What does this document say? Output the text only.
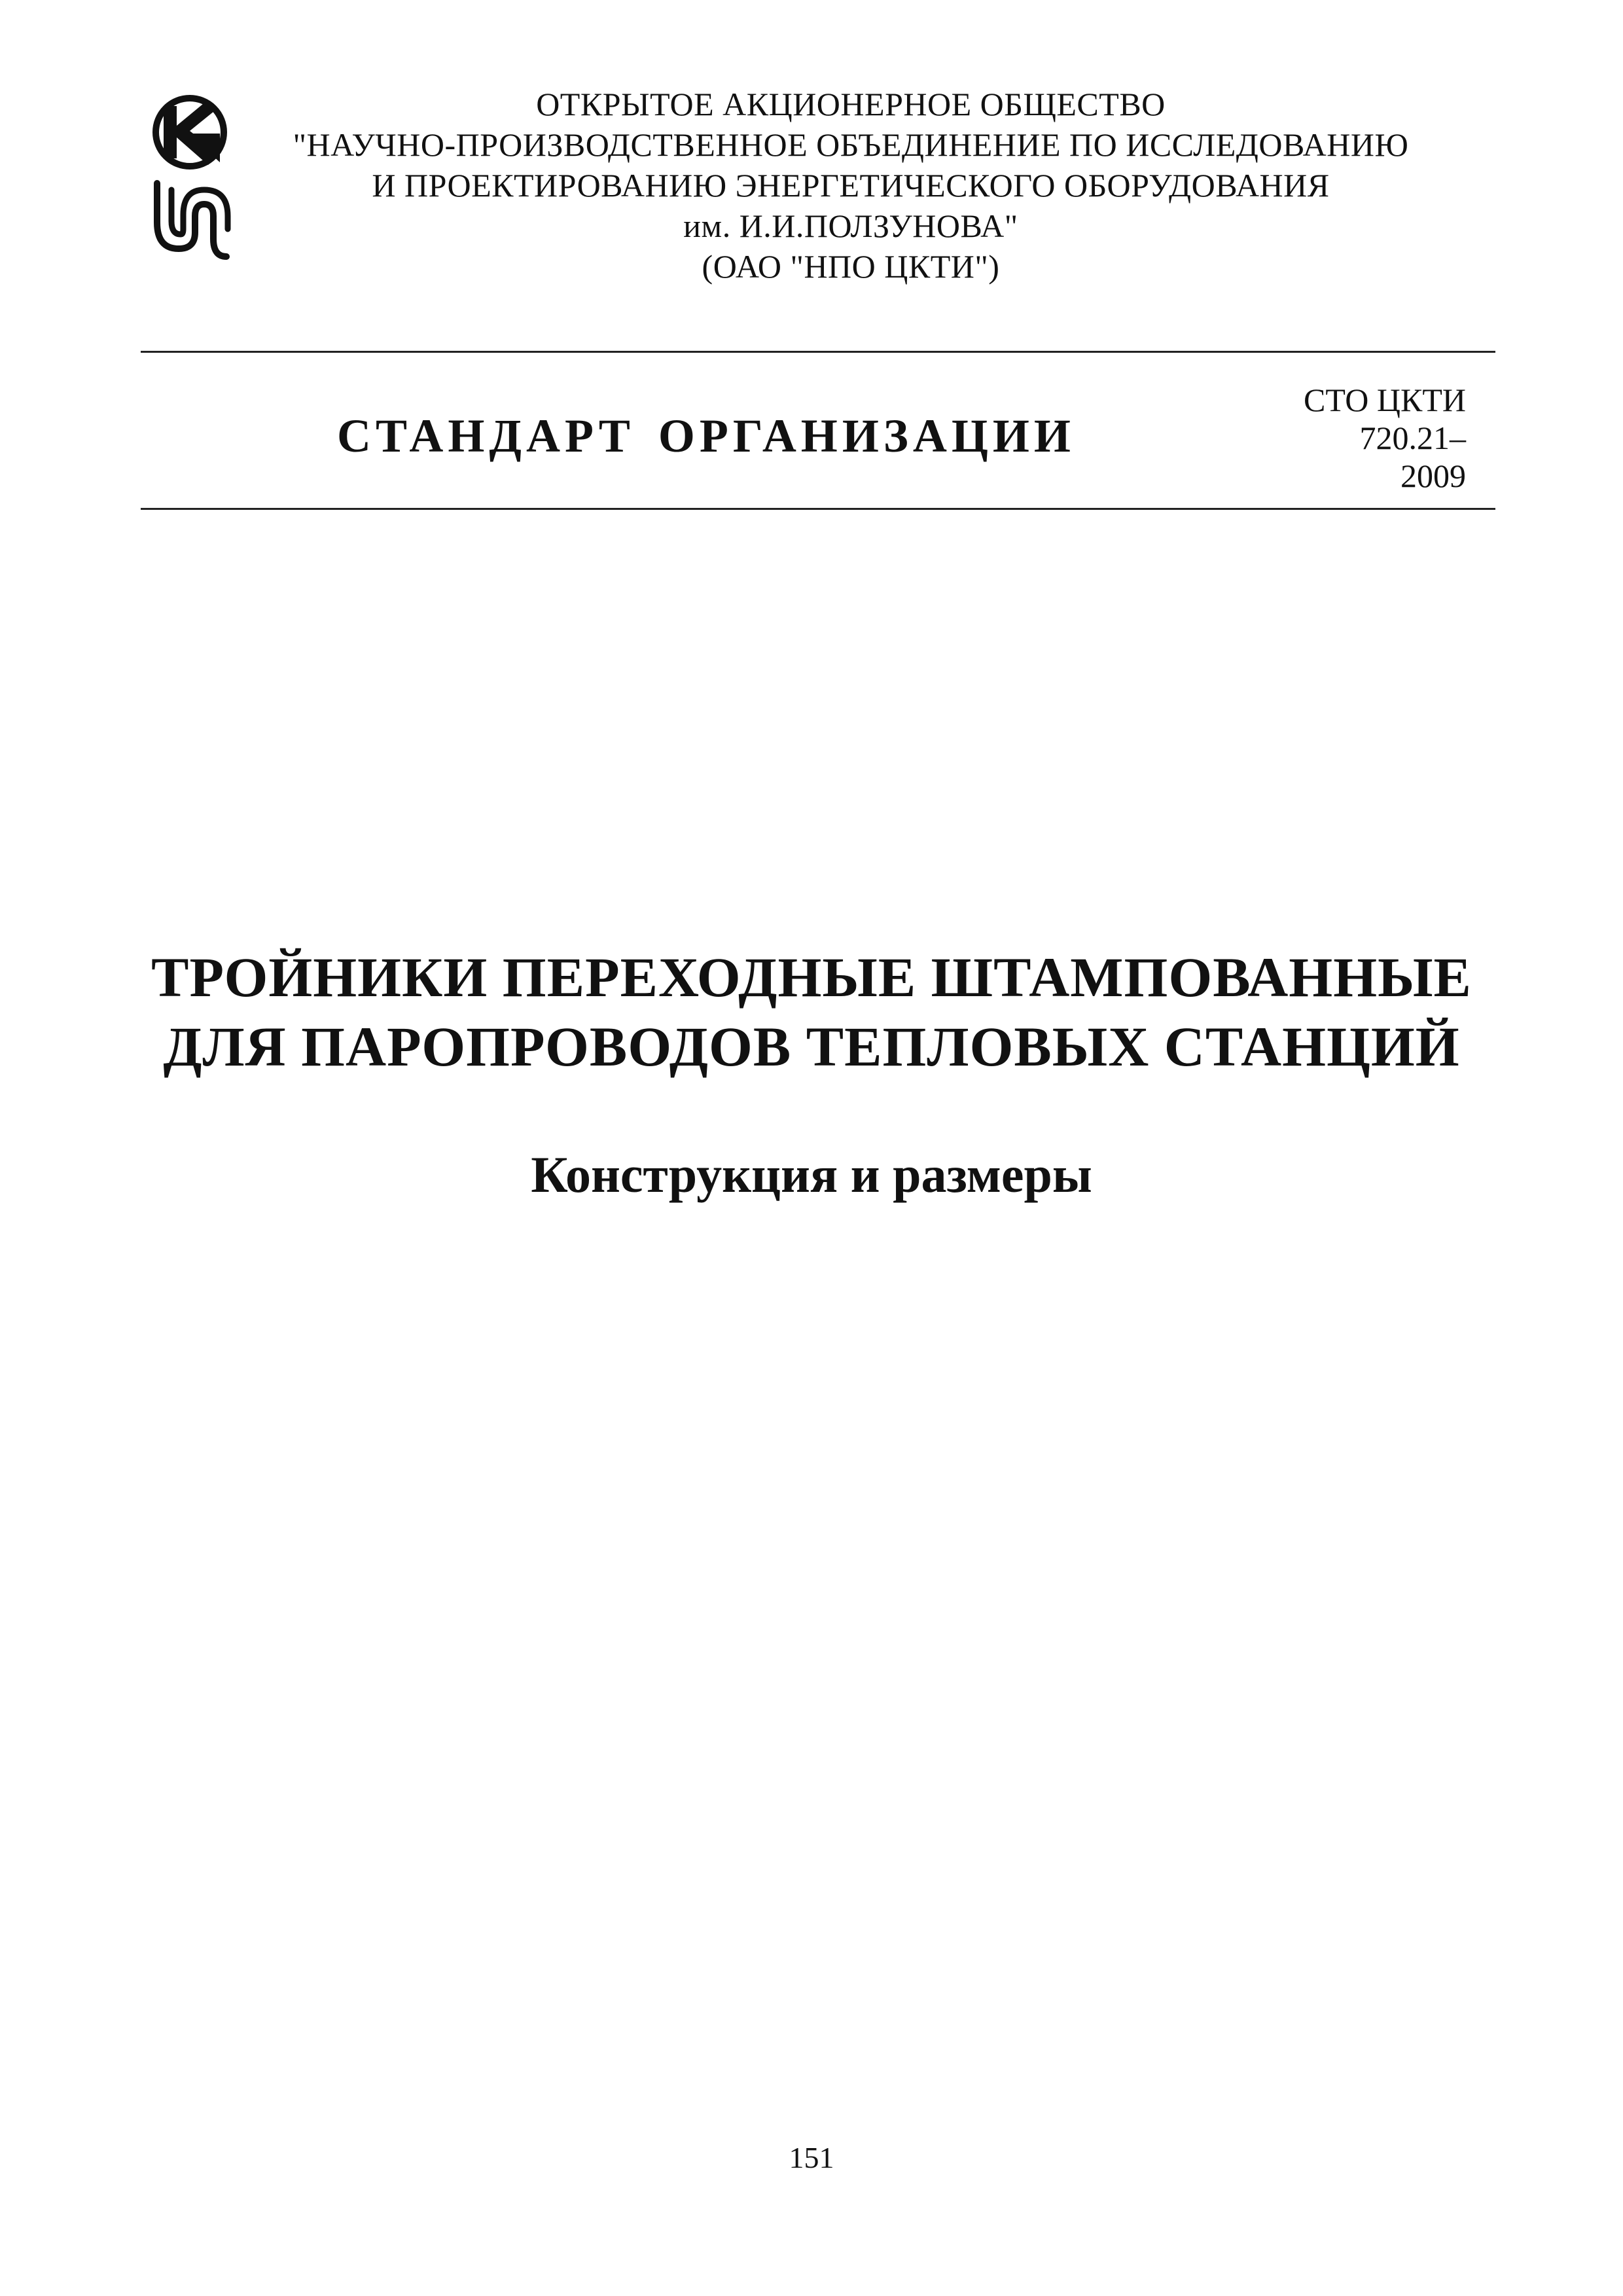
ОТКРЫТОЕ АКЦИОНЕРНОЕ ОБЩЕСТВО
"НАУЧНО-ПРОИЗВОДСТВЕННОЕ ОБЪЕДИНЕНИЕ ПО ИССЛЕДОВАНИЮ
И ПРОЕКТИРОВАНИЮ ЭНЕРГЕТИЧЕСКОГО ОБОРУДОВАНИЯ
им. И.И.ПОЛЗУНОВА"
(ОАО "НПО ЦКТИ")
СТАНДАРТ ОРГАНИЗАЦИИ
СТО ЦКТИ
720.21–
2009
ТРОЙНИКИ ПЕРЕХОДНЫЕ ШТАМПОВАННЫЕ
ДЛЯ ПАРОПРОВОДОВ ТЕПЛОВЫХ СТАНЦИЙ
Конструкция и размеры
151
